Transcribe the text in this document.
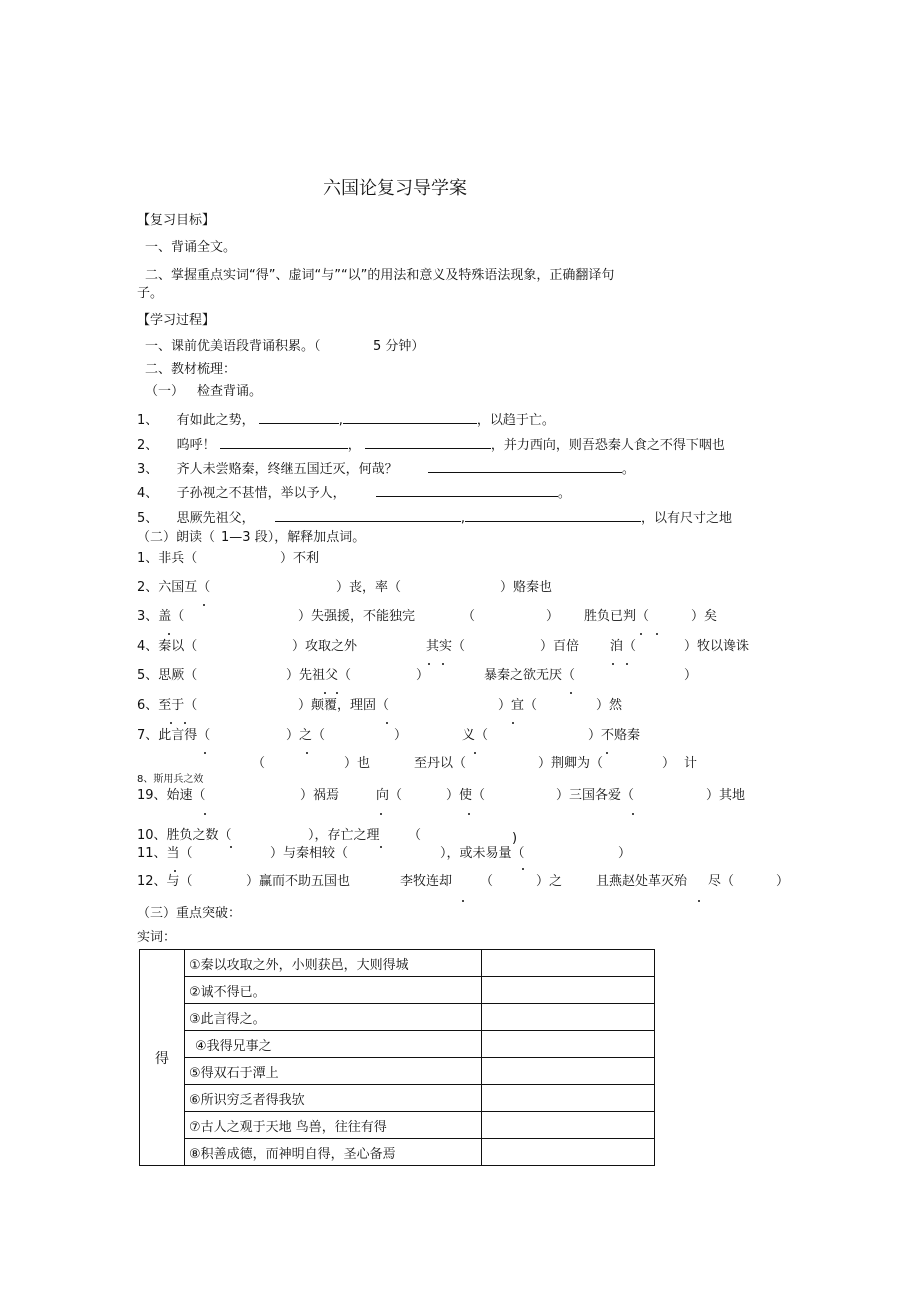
六国论复习导学案
【复习目标】
一、背诵全文。
二、掌握重点实词“得”、虚词“与”“以”的用法和意义及特殊语法现象，正确翻译句
子。
【学习过程】
一、课前优美语段背诵积累。（	5 分钟）
二、教材梳理：
（一） 检查背诵。
1、 有如此之势，	,	，以趋于亡。
2、 呜呼！	，	，并力西向，则吾恐秦人食之不得下咽也
3、 齐人未尝赂秦，终继五国迁灭，何哉？	。
4、 子孙视之不甚惜，举以予人，	。
5、 思厥先祖父，	,	，以有尺寸之地
（二）朗读（ 1—3 段），解释加点词。
1、非兵（	）不利
2、六国互（	）丧，率（	）赂秦也
3、盖（	）失强援，不能独完	（	） 胜负已判（	）矣
4、秦以（	）攻取之外	其实（	）百倍 洎（	）牧以谗诛
5、思厥（	）先祖父（	）	暴秦之欲无厌（	）
6、至于（	）颠覆，理固（	）宜（	）然
7、此言得（	）之（	）	义（	）不赂秦
（	）也	至丹以（	）荆卿为（	） 计
8、斯用兵之效
19、始速（	）祸焉	向（	）使（	）三国各爱（	）其地
10、胜负之数（	），存亡之理 （	)
11、当（	）与秦相较（	），或未易量（	）
12、与（	）赢而不助五国也	李牧连却 （	）之	且燕赵处革灭殆 尽（	）
（三）重点突破：
实词：
得	①秦以攻取之外，小则获邑，大则得城	
	②诚不得已。	
	③此言得之。	
	④我得兄事之	
	⑤得双石于潭上	
	⑥所识穷乏者得我欤	
	⑦古人之观于天地 鸟兽，往往有得	
	⑧积善成德，而神明自得，圣心备焉	
